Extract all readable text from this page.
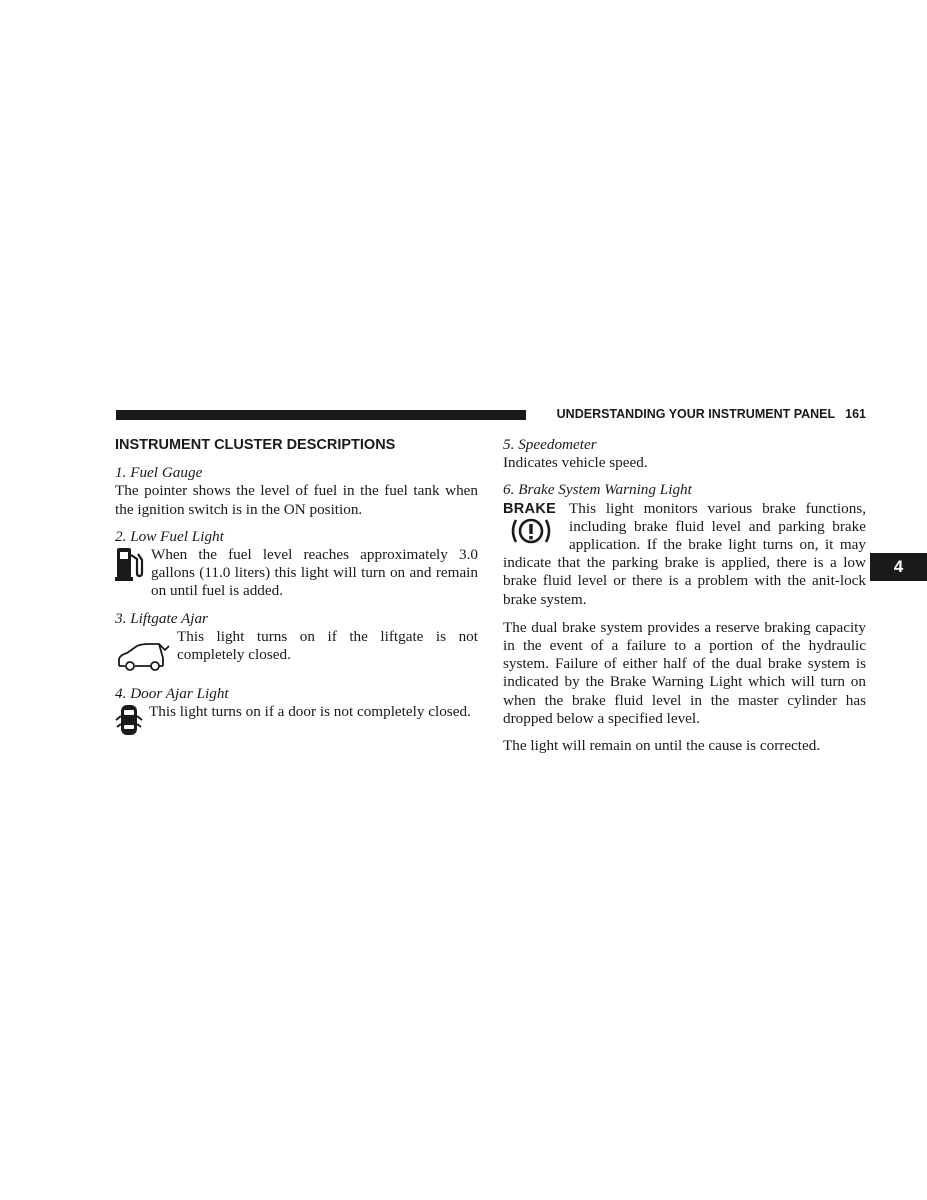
UNDERSTANDING YOUR INSTRUMENT PANEL 161
4

INSTRUMENT CLUSTER DESCRIPTIONS

1. Fuel Gauge

The pointer shows the level of fuel in the fuel tank when the ignition switch is in the ON position.

2. Low Fuel Light

When the fuel level reaches approximately 3.0 gallons (11.0 liters) this light will turn on and remain on until fuel is added.

3. Liftgate Ajar

This light turns on if the liftgate is not completely closed.

4. Door Ajar Light

This light turns on if a door is not completely closed.

5. Speedometer

Indicates vehicle speed.

6. Brake System Warning Light

BRAKE This light monitors various brake functions, including brake fluid level and parking brake application. If the brake light turns on, it may indicate that the parking brake is applied, there is a low brake fluid level or there is a problem with the anit-lock brake system.

The dual brake system provides a reserve braking capacity in the event of a failure to a portion of the hydraulic system. Failure of either half of the dual brake system is indicated by the Brake Warning Light which will turn on when the brake fluid level in the master cylinder has dropped below a specified level.

The light will remain on until the cause is corrected.
